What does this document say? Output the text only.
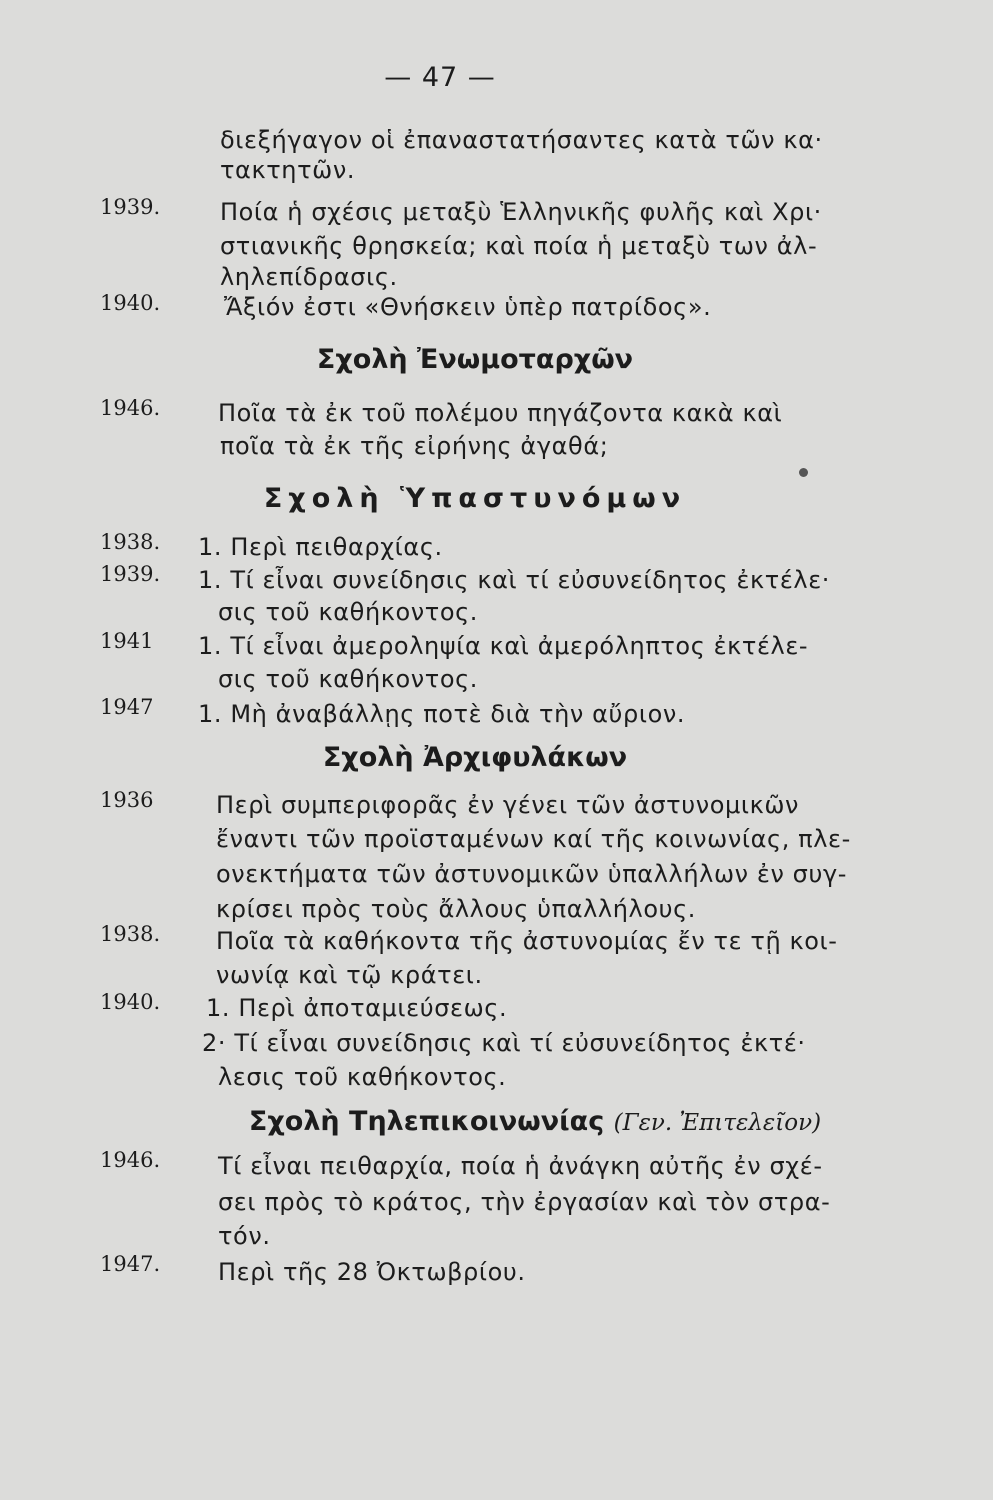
— 47 —
διεξήγαγον οἱ ἐπαναστατήσαντες κατὰ τῶν κα·
τακτητῶν.
1939. Ποία ἡ σχέσις μεταξὺ Ἑλληνικῆς φυλῆς καὶ Χρι·
στιανικῆς θρησκεία; καὶ ποία ἡ μεταξὺ των ἀλ-
ληλεπίδρασις.
1940.	Ἄξιόν ἐστι «Θνήσκειν ὑπὲρ πατρίδος».
Σχολὴ Ἐνωμοταρχῶν
1946. Ποῖα τὰ ἐκ τοῦ πολέμου πηγάζοντα κακὰ καὶ
ποῖα τὰ ἐκ τῆς εἰρήνης ἀγαθά;
Σχολὴ Ὑπαστυνόμων
1938. 1. Περὶ πειθαρχίας.
1939. 1. Τί εἶναι συνείδησις καὶ τί εὐσυνείδητος ἐκτέλε·
σις τοῦ καθήκοντος.
1941 1. Τί εἶναι ἀμεροληψία καὶ ἀμερόληπτος ἐκτέλε-
σις τοῦ καθήκοντος.
1947 1. Μὴ ἀναβάλλῃς ποτὲ διὰ τὴν αὔριον.
Σχολὴ Ἀρχιφυλάκων
1936	Περὶ συμπεριφορᾶς ἐν γένει τῶν ἀστυνομικῶν
ἔναντι τῶν προϊσταμένων καί τῆς κοινωνίας, πλε-
ονεκτήματα τῶν ἀστυνομικῶν ὑπαλλήλων ἐν συγ-
κρίσει πρὸς τοὺς ἄλλους ὑπαλλήλους.
1938. Ποῖα τὰ καθήκοντα τῆς ἀστυνομίας ἔν τε τῇ κοι-
νωνίᾳ καὶ τῷ κράτει.
1940. 1. Περὶ ἀποταμιεύσεως.
2· Τί εἶναι συνείδησις καὶ τί εὐσυνείδητος ἐκτέ·
λεσις τοῦ καθήκοντος.
Σχολὴ Τηλεπικοινωνίας (Γεν. Ἐπιτελεῖον)
1946. Τί εἶναι πειθαρχία, ποία ἡ ἀνάγκη αὐτῆς ἐν σχέ-
σει πρὸς τὸ κράτος, τὴν ἐργασίαν καὶ τὸν στρα-
τόν.
1947. Περὶ τῆς 28 Ὀκτωβρίου.
